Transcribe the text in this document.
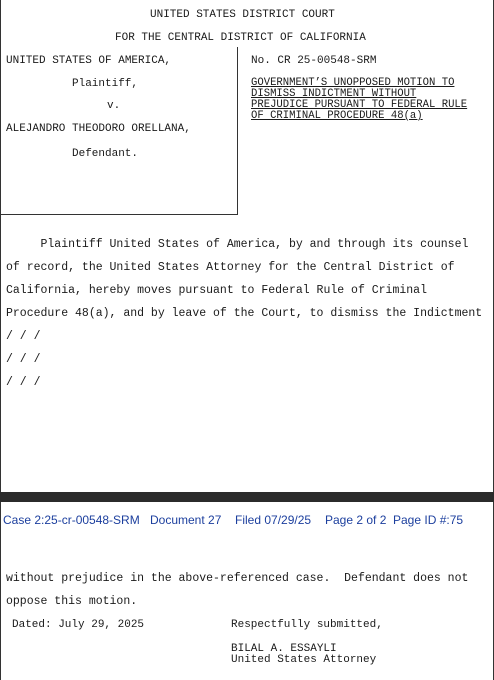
UNITED STATES DISTRICT COURT
FOR THE CENTRAL DISTRICT OF CALIFORNIA
UNITED STATES OF AMERICA,
Plaintiff,
v.
ALEJANDRO THEODORO ORELLANA,
Defendant.
No. CR 25-00548-SRM
GOVERNMENT’S UNOPPOSED MOTION TO
DISMISS INDICTMENT WITHOUT
PREJUDICE PURSUANT TO FEDERAL RULE
OF CRIMINAL PROCEDURE 48(a)
Plaintiff United States of America, by and through its counsel
of record, the United States Attorney for the Central District of
California, hereby moves pursuant to Federal Rule of Criminal
Procedure 48(a), and by leave of the Court, to dismiss the Indictment
/ / /
/ / /
/ / /
Case 2:25-cr-00548-SRM Document 27 Filed 07/29/25 Page 2 of 2 Page ID #:75
without prejudice in the above-referenced case.  Defendant does not
oppose this motion.
Dated: July 29, 2025	Respectfully submitted,
BILAL A. ESSAYLI
United States Attorney
